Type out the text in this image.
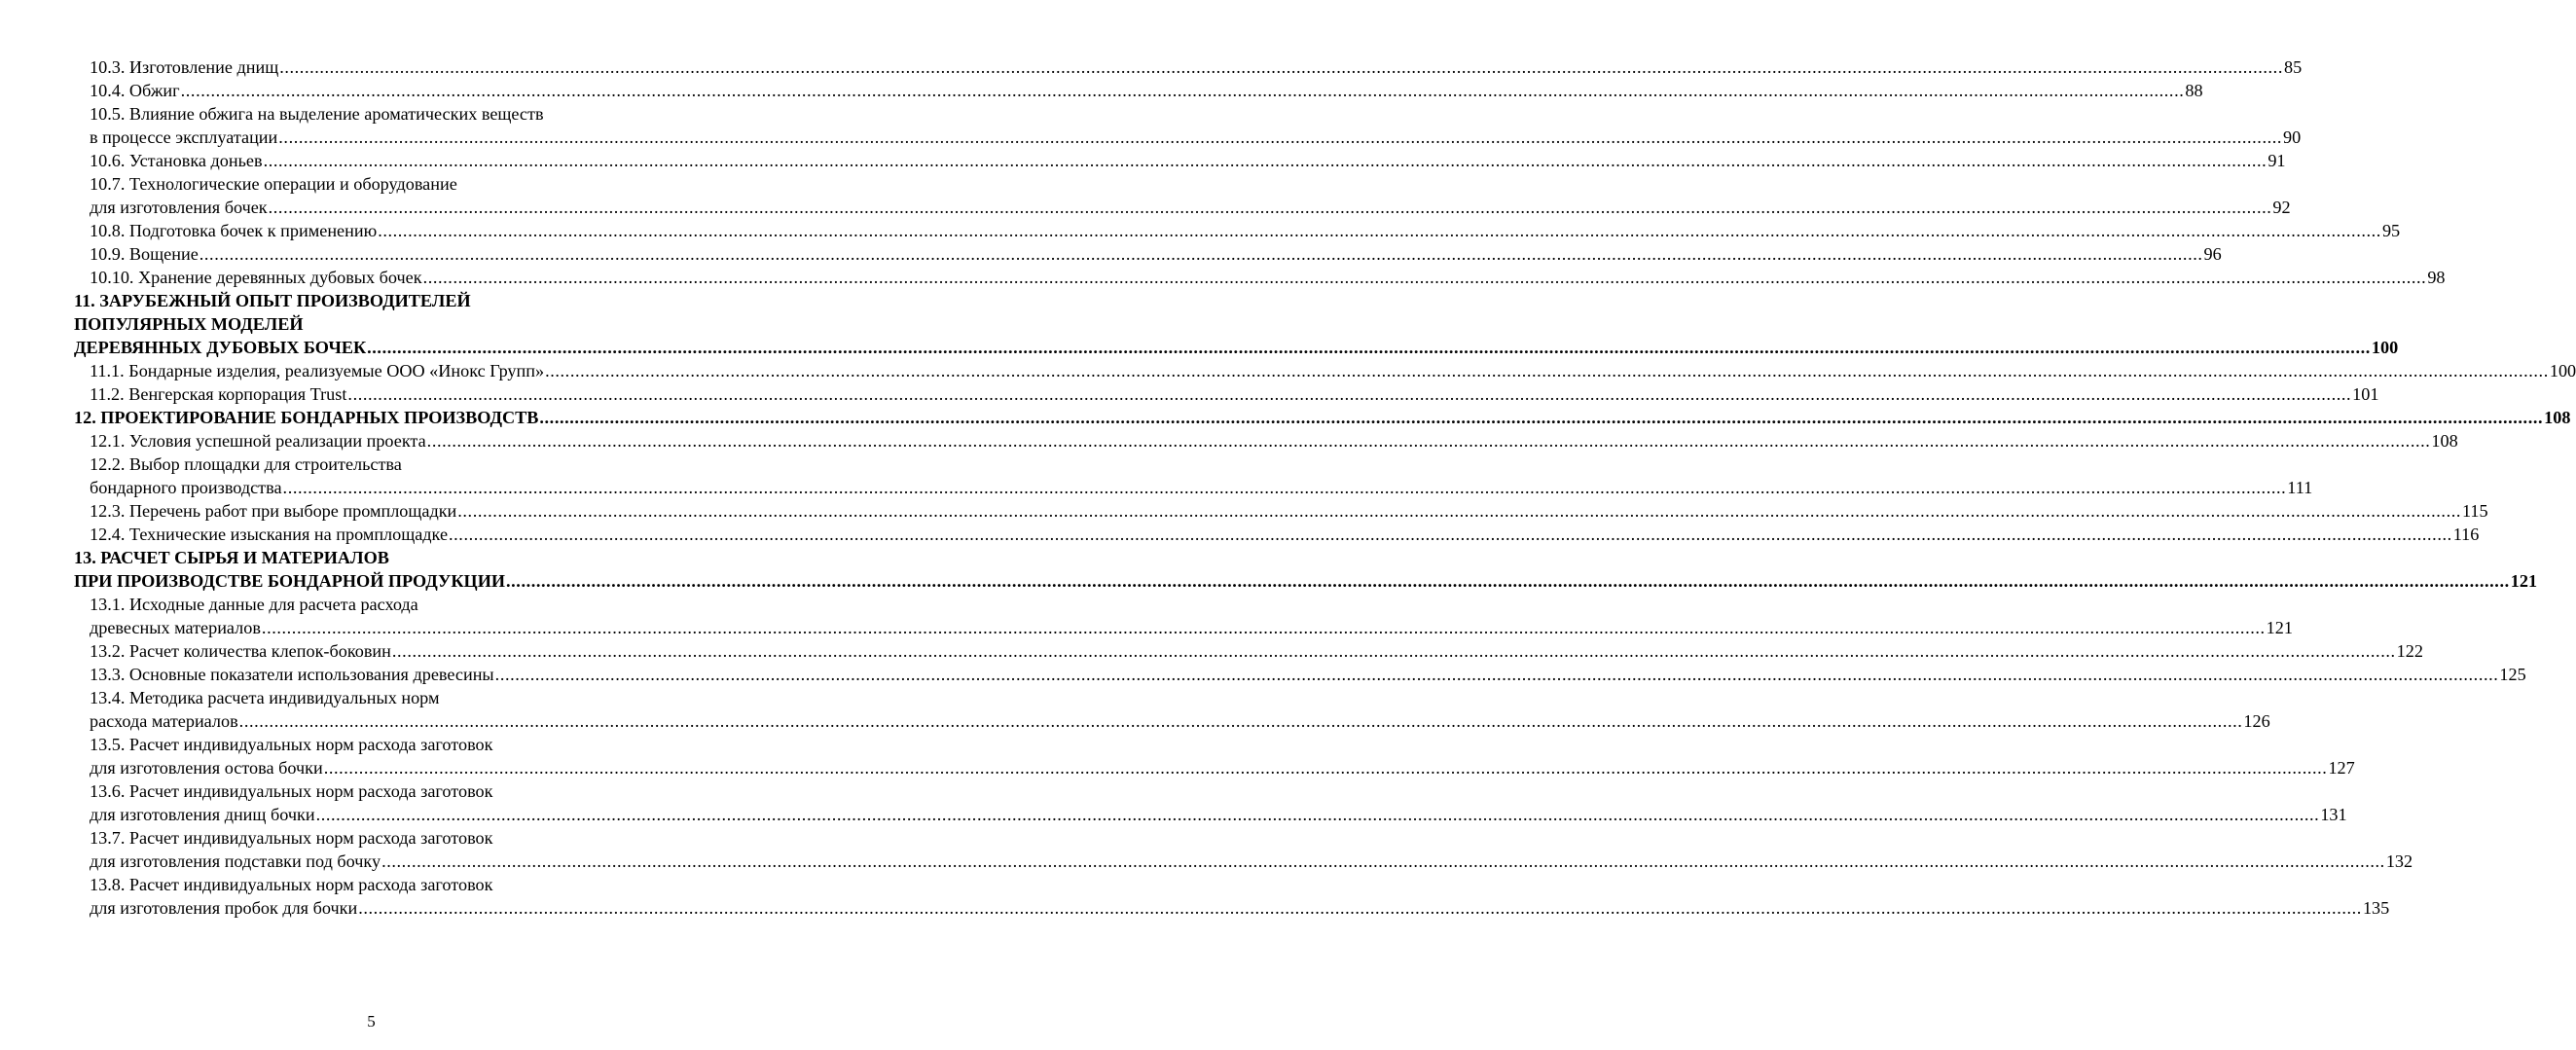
10.3. Изготовление днищ ................................................................................................................................................................................................................................................................................................................................................................................................................ 85
10.4. Обжиг ................................................................................................................................................................................................................................................................................................................................................................................................................ 88
10.5. Влияние обжига на выделение ароматических веществ
в процессе эксплуатации ................................................................................................................................................................................................................................................................................................................................................................................................................ 90
10.6. Установка доньев ................................................................................................................................................................................................................................................................................................................................................................................................................ 91
10.7. Технологические операции и оборудование
для изготовления бочек ................................................................................................................................................................................................................................................................................................................................................................................................................ 92
10.8. Подготовка бочек к применению ................................................................................................................................................................................................................................................................................................................................................................................................................ 95
10.9. Вощение ................................................................................................................................................................................................................................................................................................................................................................................................................ 96
10.10. Хранение деревянных дубовых бочек ................................................................................................................................................................................................................................................................................................................................................................................................................ 98
11. ЗАРУБЕЖНЫЙ ОПЫТ ПРОИЗВОДИТЕЛЕЙ
ПОПУЛЯРНЫХ МОДЕЛЕЙ
ДЕРЕВЯННЫХ ДУБОВЫХ БОЧЕК ................................................................................................................................................................................................................................................................................................................................................................................................................ 100
11.1. Бондарные изделия, реализуемые ООО «Инокс Групп» ................................................................................................................................................................................................................................................................................................................................................................................................................ 100
11.2. Венгерская корпорация Trust ................................................................................................................................................................................................................................................................................................................................................................................................................ 101
12. ПРОЕКТИРОВАНИЕ БОНДАРНЫХ ПРОИЗВОДСТВ ................................................................................................................................................................................................................................................................................................................................................................................................................ 108
12.1. Условия успешной реализации проекта ................................................................................................................................................................................................................................................................................................................................................................................................................ 108
12.2. Выбор площадки для строительства
бондарного производства ................................................................................................................................................................................................................................................................................................................................................................................................................ 111
12.3. Перечень работ при выборе промплощадки ................................................................................................................................................................................................................................................................................................................................................................................................................ 115
12.4. Технические изыскания на промплощадке ................................................................................................................................................................................................................................................................................................................................................................................................................ 116
13. РАСЧЕТ СЫРЬЯ И МАТЕРИАЛОВ
ПРИ ПРОИЗВОДСТВЕ БОНДАРНОЙ ПРОДУКЦИИ ................................................................................................................................................................................................................................................................................................................................................................................................................ 121
13.1. Исходные данные для расчета расхода
древесных материалов ................................................................................................................................................................................................................................................................................................................................................................................................................ 121
13.2. Расчет количества клепок-боковин ................................................................................................................................................................................................................................................................................................................................................................................................................ 122
13.3. Основные показатели использования древесины ................................................................................................................................................................................................................................................................................................................................................................................................................ 125
13.4. Методика расчета индивидуальных норм
расхода материалов ................................................................................................................................................................................................................................................................................................................................................................................................................ 126
13.5. Расчет индивидуальных норм расхода заготовок
для изготовления остова бочки ................................................................................................................................................................................................................................................................................................................................................................................................................ 127
13.6. Расчет индивидуальных норм расхода заготовок
для изготовления днищ бочки ................................................................................................................................................................................................................................................................................................................................................................................................................ 131
13.7. Расчет индивидуальных норм расхода заготовок
для изготовления подставки под бочку ................................................................................................................................................................................................................................................................................................................................................................................................................ 132
13.8. Расчет индивидуальных норм расхода заготовок
для изготовления пробок для бочки ................................................................................................................................................................................................................................................................................................................................................................................................................ 135
5
